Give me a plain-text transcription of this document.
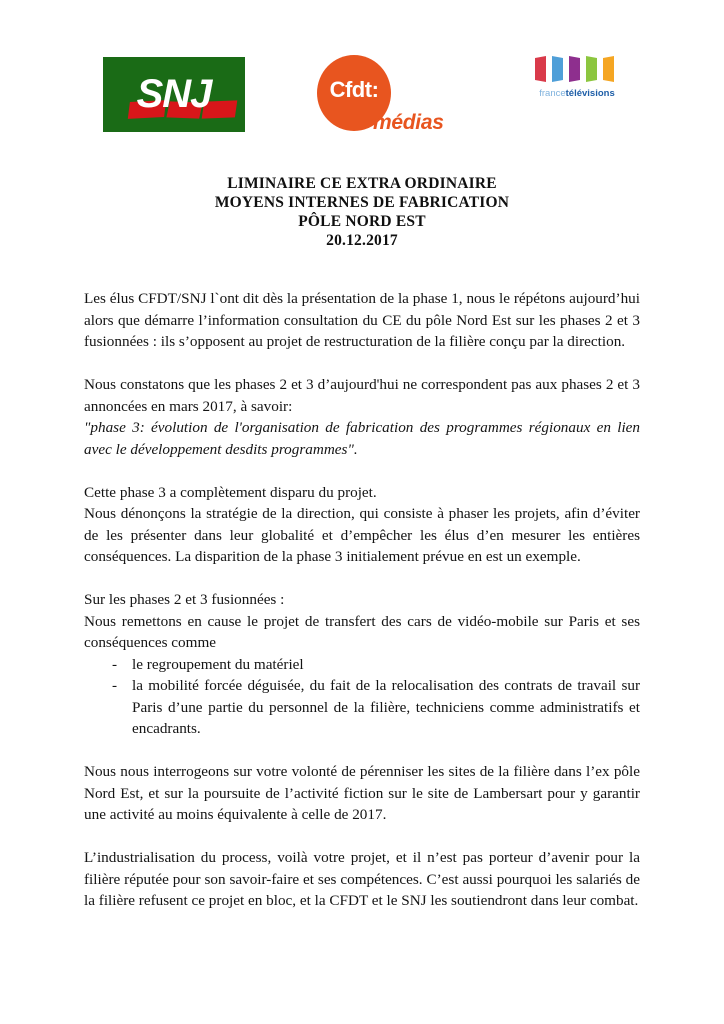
SNJ	Cfdt:
médias
francetélévisions
LIMINAIRE CE EXTRA ORDINAIRE
MOYENS INTERNES DE FABRICATION
PÔLE NORD EST
20.12.2017

Les élus CFDT/SNJ l`ont dit dès la présentation de la phase 1, nous le répétons aujourd’hui alors que démarre l’information consultation du CE du pôle Nord Est sur les phases 2 et 3 fusionnées : ils s’opposent au projet de restructuration de la filière conçu par la direction.

Nous constatons que les phases 2 et 3 d’aujourd'hui ne correspondent pas aux phases 2 et 3 annoncées en mars 2017, à savoir:

"phase 3: évolution de l'organisation de fabrication des programmes régionaux en lien avec le développement desdits programmes".

Cette phase 3 a complètement disparu du projet.

Nous dénonçons la stratégie de la direction, qui consiste à phaser les projets, afin d’éviter de les présenter dans leur globalité et d’empêcher les élus d’en mesurer les entières conséquences. La disparition de la phase 3 initialement prévue en est un exemple.

Sur les phases 2 et 3 fusionnées :

Nous remettons en cause le projet de transfert des cars de vidéo-mobile sur Paris et ses conséquences comme

- le regroupement du matériel
- la mobilité forcée déguisée, du fait de la relocalisation des contrats de travail sur Paris d’une partie du personnel de la filière, techniciens comme administratifs et encadrants.

Nous nous interrogeons sur votre volonté de pérenniser les sites de la filière dans l’ex pôle Nord Est, et sur la poursuite de l’activité fiction sur le site de Lambersart pour y garantir une activité au moins équivalente à celle de 2017.

L’industrialisation du process, voilà votre projet, et il n’est pas porteur d’avenir pour la filière réputée pour son savoir-faire et ses compétences. C’est aussi pourquoi les salariés de la filière refusent ce projet en bloc, et la CFDT et le SNJ les soutiendront dans leur combat.
